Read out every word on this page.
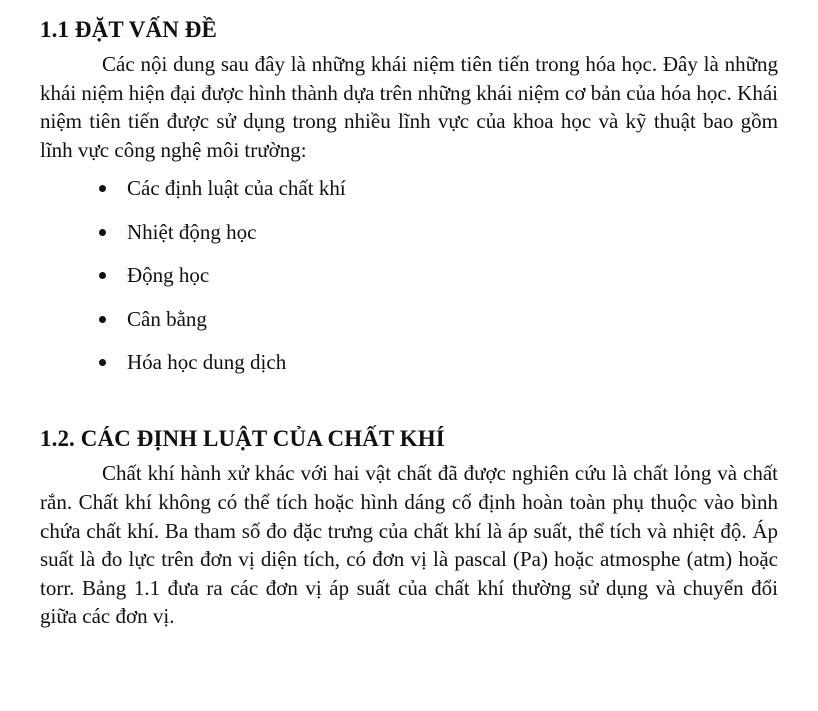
1.1 ĐẶT VẤN ĐỀ

Các nội dung sau đây là những khái niệm tiên tiến trong hóa học. Đây là những khái niệm hiện đại được hình thành dựa trên những khái niệm cơ bản của hóa học. Khái niệm tiên tiến được sử dụng trong nhiều lĩnh vực của khoa học và kỹ thuật bao gồm lĩnh vực công nghệ môi trường:

Các định luật của chất khí
Nhiệt động học
Động học
Cân bằng
Hóa học dung dịch
1.2. CÁC ĐỊNH LUẬT CỦA CHẤT KHÍ

Chất khí hành xử khác với hai vật chất đã được nghiên cứu là chất lỏng và chất rắn. Chất khí không có thể tích hoặc hình dáng cố định hoàn toàn phụ thuộc vào bình chứa chất khí. Ba tham số đo đặc trưng của chất khí là áp suất, thể tích và nhiệt độ. Áp suất là đo lực trên đơn vị diện tích, có đơn vị là pascal (Pa) hoặc atmosphe (atm) hoặc torr. Bảng 1.1 đưa ra các đơn vị áp suất của chất khí thường sử dụng và chuyển đổi giữa các đơn vị.
